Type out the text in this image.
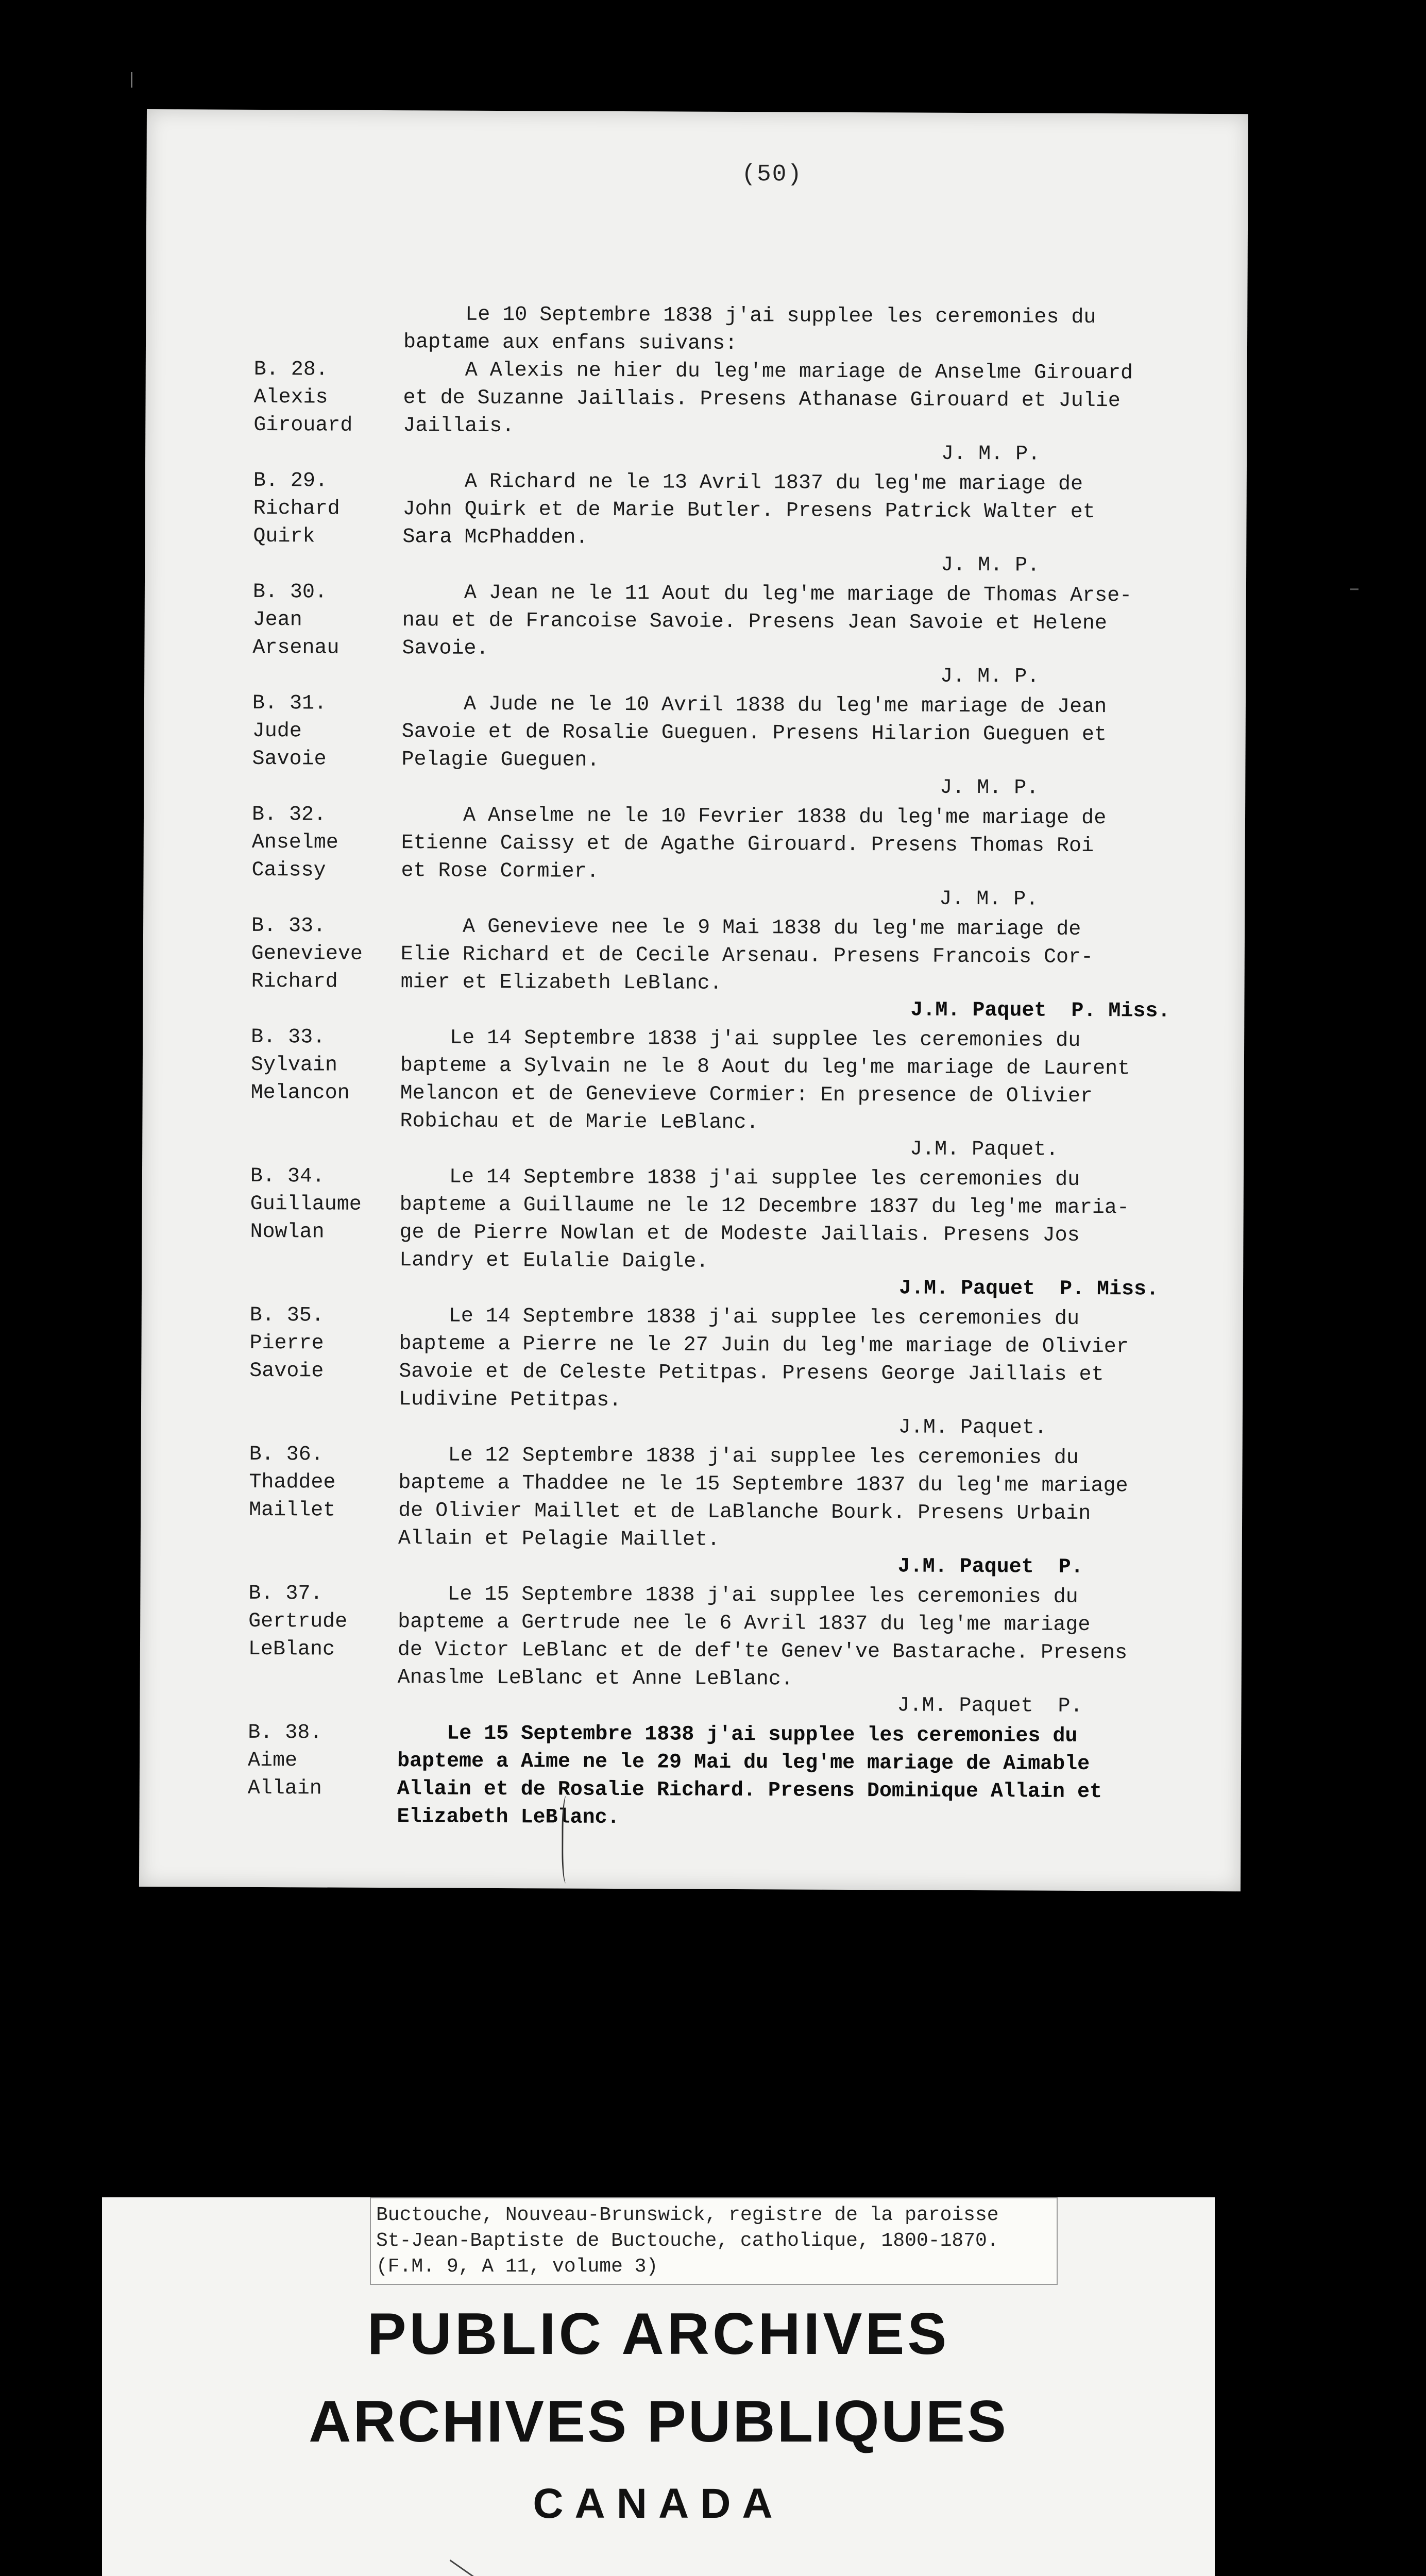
(50)
Le 10 Septembre 1838 j'ai supplee les ceremonies du
baptame aux enfans suivans:
B. 28.
Alexis
Girouard
A Alexis ne hier du leg'me mariage de Anselme Girouard
et de Suzanne Jaillais. Presens Athanase Girouard et Julie
Jaillais.
J. M. P.
B. 29.
Richard
Quirk
A Richard ne le 13 Avril 1837 du leg'me mariage de
John Quirk et de Marie Butler. Presens Patrick Walter et
Sara McPhadden.
J. M. P.
B. 30.
Jean
Arsenau
A Jean ne le 11 Aout du leg'me mariage de Thomas Arse-
nau et de Francoise Savoie. Presens Jean Savoie et Helene
Savoie.
J. M. P.
B. 31.
Jude
Savoie
A Jude ne le 10 Avril 1838 du leg'me mariage de Jean
Savoie et de Rosalie Gueguen. Presens Hilarion Gueguen et
Pelagie Gueguen.
J. M. P.
B. 32.
Anselme
Caissy
A Anselme ne le 10 Fevrier 1838 du leg'me mariage de
Etienne Caissy et de Agathe Girouard. Presens Thomas Roi
et Rose Cormier.
J. M. P.
B. 33.
Genevieve
Richard
A Genevieve nee le 9 Mai 1838 du leg'me mariage de
Elie Richard et de Cecile Arsenau. Presens Francois Cor-
mier et Elizabeth LeBlanc.
J.M. Paquet  P. Miss.
B. 33.
Sylvain
Melancon
Le 14 Septembre 1838 j'ai supplee les ceremonies du
bapteme a Sylvain ne le 8 Aout du leg'me mariage de Laurent
Melancon et de Genevieve Cormier: En presence de Olivier
Robichau et de Marie LeBlanc.
J.M. Paquet.
B. 34.
Guillaume
Nowlan
Le 14 Septembre 1838 j'ai supplee les ceremonies du
bapteme a Guillaume ne le 12 Decembre 1837 du leg'me maria-
ge de Pierre Nowlan et de Modeste Jaillais. Presens Jos
Landry et Eulalie Daigle.
J.M. Paquet  P. Miss.
B. 35.
Pierre
Savoie
Le 14 Septembre 1838 j'ai supplee les ceremonies du
bapteme a Pierre ne le 27 Juin du leg'me mariage de Olivier
Savoie et de Celeste Petitpas. Presens George Jaillais et
Ludivine Petitpas.
J.M. Paquet.
B. 36.
Thaddee
Maillet
Le 12 Septembre 1838 j'ai supplee les ceremonies du
bapteme a Thaddee ne le 15 Septembre 1837 du leg'me mariage
de Olivier Maillet et de LaBlanche Bourk. Presens Urbain
Allain et Pelagie Maillet.
J.M. Paquet  P.
B. 37.
Gertrude
LeBlanc
Le 15 Septembre 1838 j'ai supplee les ceremonies du
bapteme a Gertrude nee le 6 Avril 1837 du leg'me mariage
de Victor LeBlanc et de def'te Genev've Bastarache. Presens
Anaslme LeBlanc et Anne LeBlanc.
J.M. Paquet  P.
B. 38.
Aime
Allain
Le 15 Septembre 1838 j'ai supplee les ceremonies du
bapteme a Aime ne le 29 Mai du leg'me mariage de Aimable
Allain et de Rosalie Richard. Presens Dominique Allain et
Elizabeth LeBlanc.
Buctouche, Nouveau-Brunswick, registre de la paroisse
St-Jean-Baptiste de Buctouche, catholique, 1800-1870.
(F.M. 9, A 11, volume 3)
PUBLIC ARCHIVES
ARCHIVES PUBLIQUES
CANADA
